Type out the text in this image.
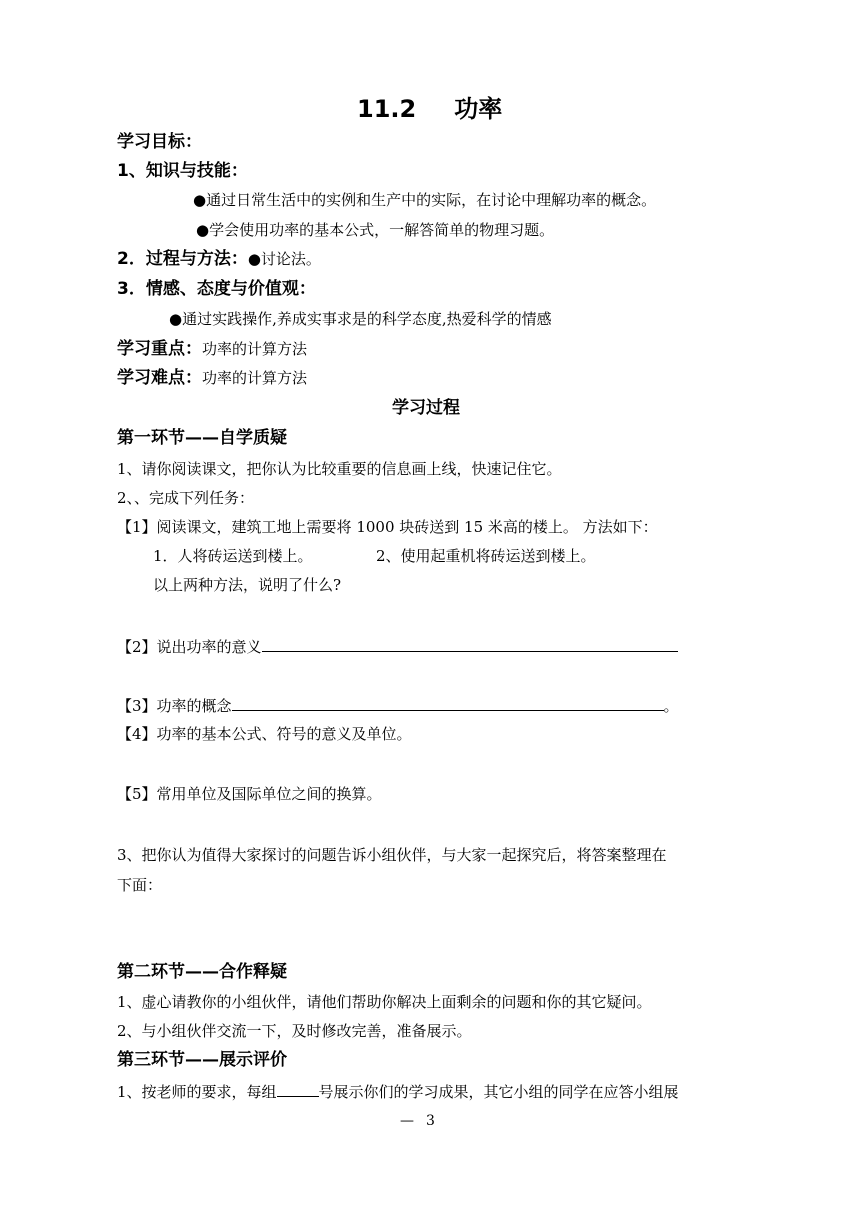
11.2 功率
学习目标：
1、知识与技能：
●通过日常生活中的实例和生产中的实际，在讨论中理解功率的概念。
●学会使用功率的基本公式，一解答简单的物理习题。
2．过程与方法：●讨论法。
3．情感、态度与价值观：
●通过实践操作,养成实事求是的科学态度,热爱科学的情感
学习重点：功率的计算方法
学习难点：功率的计算方法
学习过程
第一环节——自学质疑
1、请你阅读课文，把你认为比较重要的信息画上线，快速记住它。
2、、完成下列任务：
【1】阅读课文，建筑工地上需要将 1000 块砖送到 15 米高的楼上。 方法如下：
1．人将砖运送到楼上。	2、使用起重机将砖运送到楼上。
以上两种方法，说明了什么?
【2】说出功率的意义
【3】功率的概念	。
【4】功率的基本公式、符号的意义及单位。
【5】常用单位及国际单位之间的换算。
3、把你认为值得大家探讨的问题告诉小组伙伴，与大家一起探究后，将答案整理在
下面：
第二环节——合作释疑
1、虚心请教你的小组伙伴，请他们帮助你解决上面剩余的问题和你的其它疑问。
2、与小组伙伴交流一下，及时修改完善，准备展示。
第三环节——展示评价
1、按老师的要求，每组	号展示你们的学习成果，其它小组的同学在应答小组展
— 3
